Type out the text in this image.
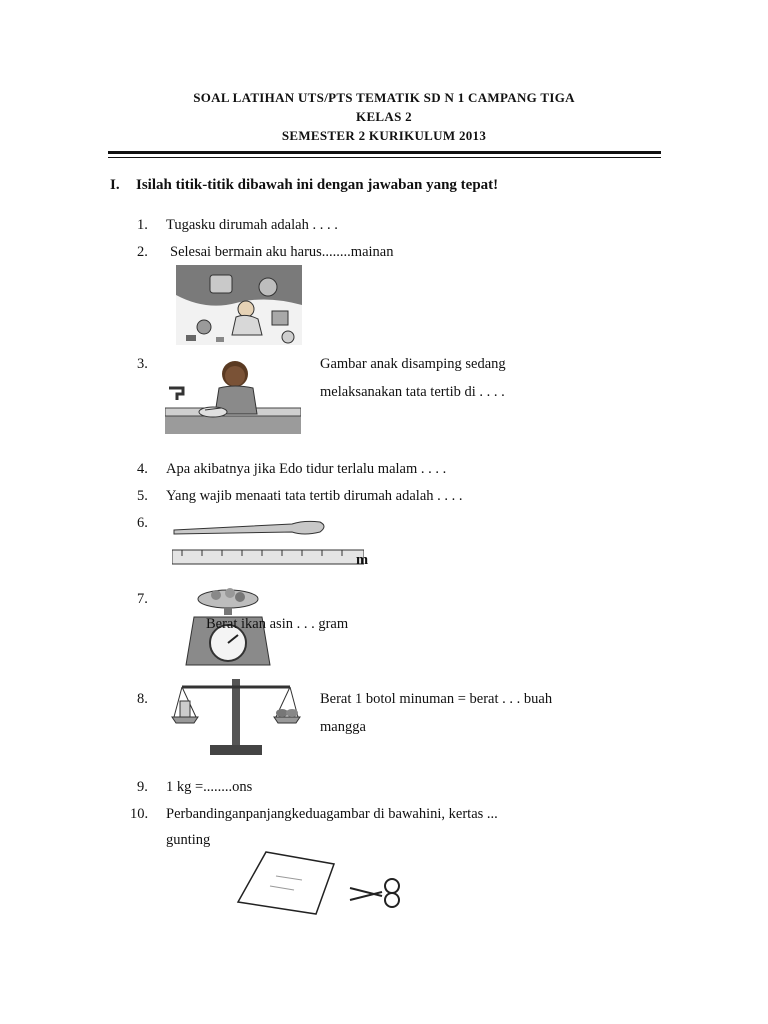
SOAL LATIHAN UTS/PTS TEMATIK SD N 1 CAMPANG TIGA
KELAS 2
SEMESTER 2 KURIKULUM 2013
I. Isilah titik-titik dibawah ini dengan jawaban yang tepat!
1. Tugasku dirumah adalah . . . .
2. Selesai bermain aku harus........mainan
3.	Gambar anak disamping sedang
melaksanakan tata tertib di . . . .
4. Apa akibatnya jika Edo tidur terlalu malam . . . .
5. Yang wajib menaati tata tertib dirumah adalah . . . .
6.
m
7.
Berat ikan asin . . . gram
8.	Berat 1 botol minuman = berat . . . buah
mangga
9. 1 kg =........ons
10. Perbandinganpanjangkeduagambar di bawahini, kertas ...
gunting
